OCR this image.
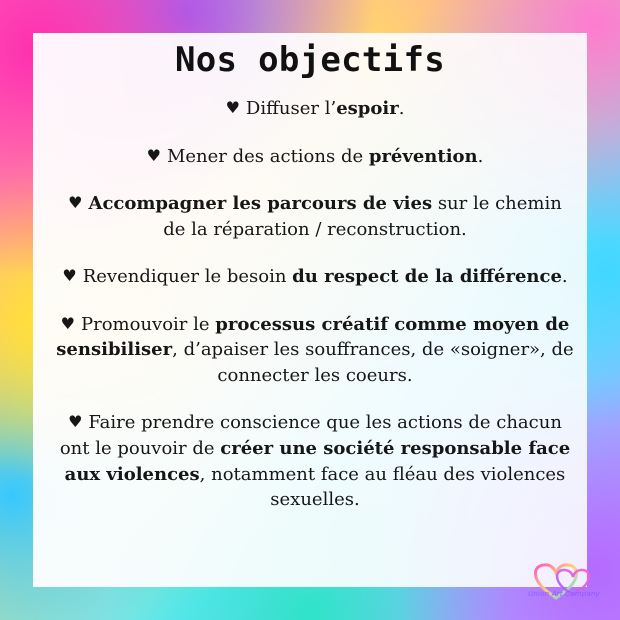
Nos objectifs

♥ Diffuser l’espoir.

♥ Mener des actions de prévention.

♥ Accompagner les parcours de vies sur le chemin de la réparation / reconstruction.

♥ Revendiquer le besoin du respect de la différence.

♥ Promouvoir le processus créatif comme moyen de sensibiliser, d’apaiser les souffrances, de «soigner», de connecter les coeurs.

♥ Faire prendre conscience que les actions de chacun ont le pouvoir de créer une société responsable face aux violences, notamment face au fléau des violences sexuelles.

Union Art Company
